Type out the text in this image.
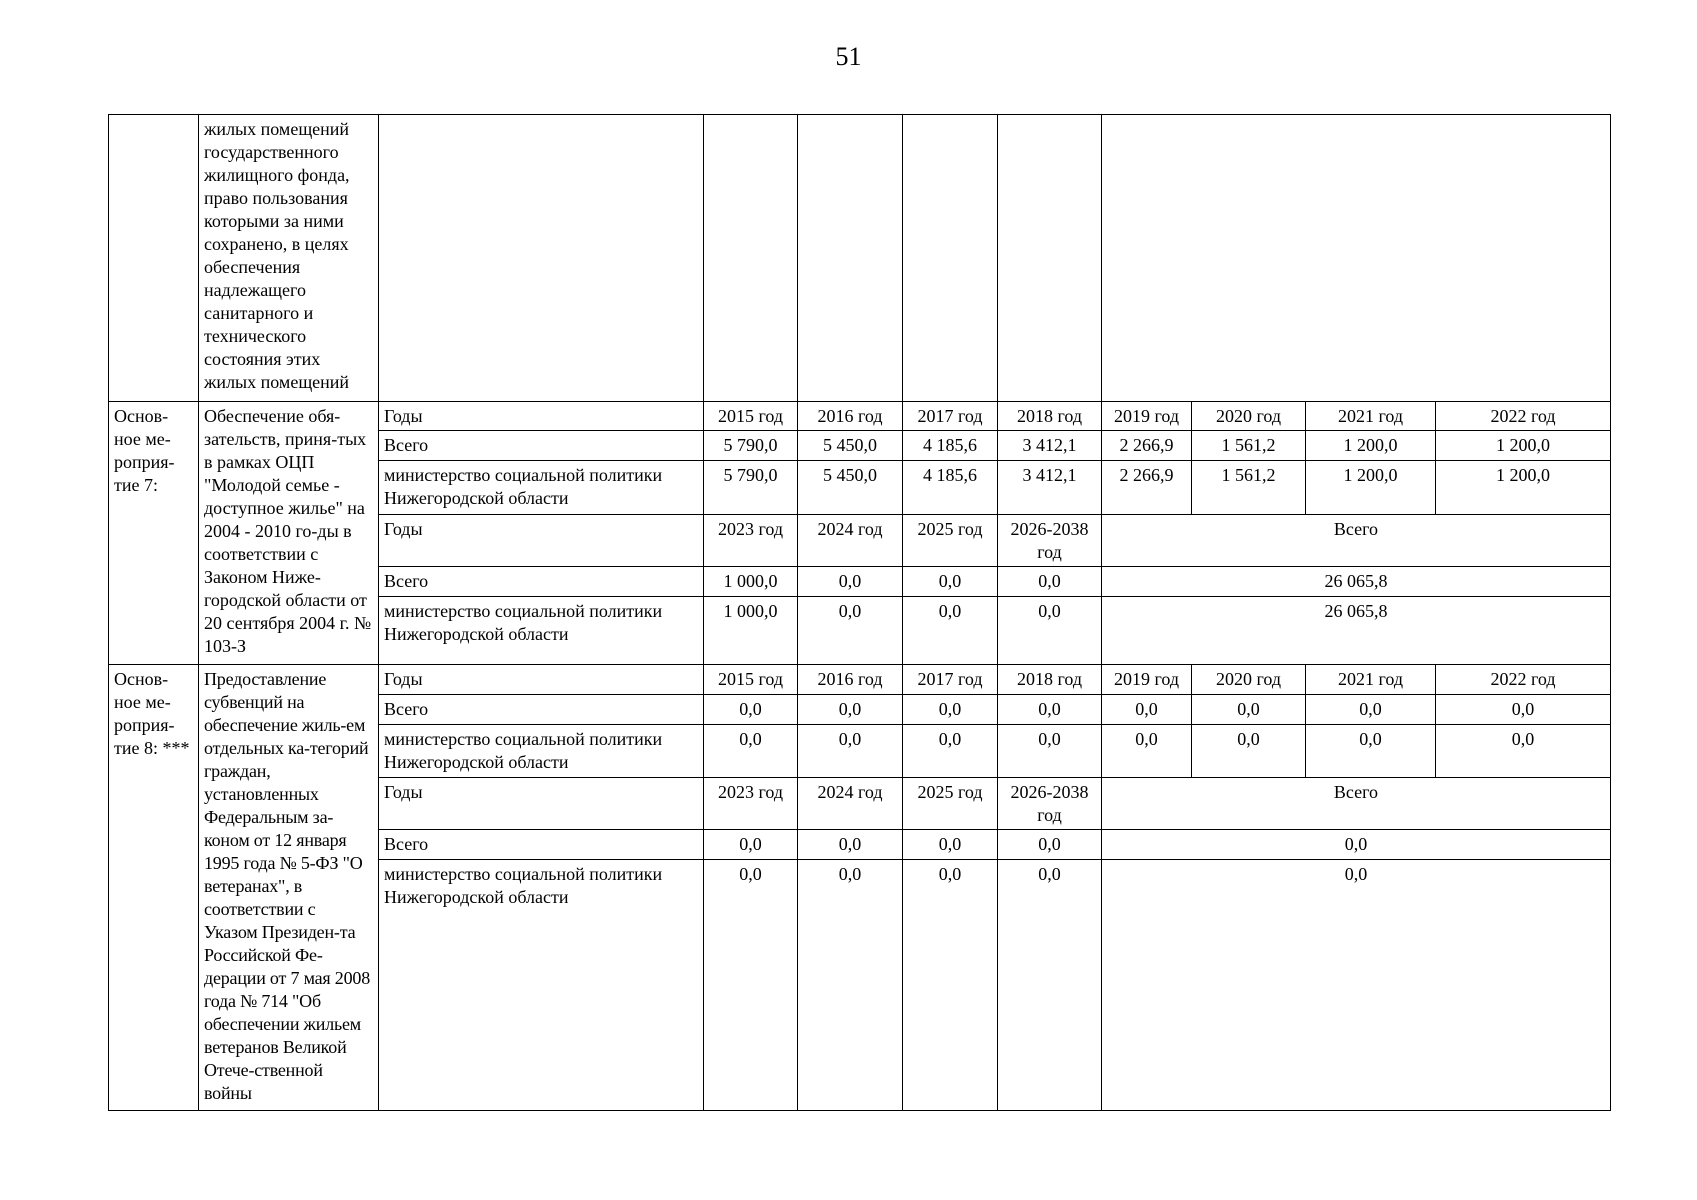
51
	жилых помещений государственного жилищного фонда, право пользования которыми за ними сохранено, в целях обеспечения надлежащего санитарного и технического состояния этих жилых помещений									
Основ-ное ме-роприя-тие 7:	Обеспечение обя-зательств, приня-тых в рамках ОЦП "Молодой семье - доступное жилье" на 2004 - 2010 го-ды в соответствии с Законом Ниже-городской области от 20 сентября 2004 г. № 103-З	Годы	2015 год	2016 год	2017 год	2018 год	2019 год	2020 год	2021 год	2022 год
		Всего	5 790,0	5 450,0	4 185,6	3 412,1	2 266,9	1 561,2	1 200,0	1 200,0
		министерство социальной политики Нижегородской области	5 790,0	5 450,0	4 185,6	3 412,1	2 266,9	1 561,2	1 200,0	1 200,0
		Годы	2023 год	2024 год	2025 год	2026-2038 год	Всего			
		Всего	1 000,0	0,0	0,0	0,0	26 065,8			
		министерство социальной политики Нижегородской области	1 000,0	0,0	0,0	0,0	26 065,8			
Основ-ное ме-роприя-тие 8: ***	Предоставление субвенций на обеспечение жиль-ем отдельных ка-тегорий граждан, установленных Федеральным за-коном от 12 января 1995 года № 5-ФЗ "О ветеранах", в соответствии с Указом Президен-та Российской Фе-дерации от 7 мая 2008 года № 714 "Об обеспечении жильем ветеранов Великой Отече-ственной войны	Годы	2015 год	2016 год	2017 год	2018 год	2019 год	2020 год	2021 год	2022 год
		Всего	0,0	0,0	0,0	0,0	0,0	0,0	0,0	0,0
		министерство социальной политики Нижегородской области	0,0	0,0	0,0	0,0	0,0	0,0	0,0	0,0
		Годы	2023 год	2024 год	2025 год	2026-2038 год	Всего			
		Всего	0,0	0,0	0,0	0,0	0,0			
		министерство социальной политики Нижегородской области	0,0	0,0	0,0	0,0	0,0			
